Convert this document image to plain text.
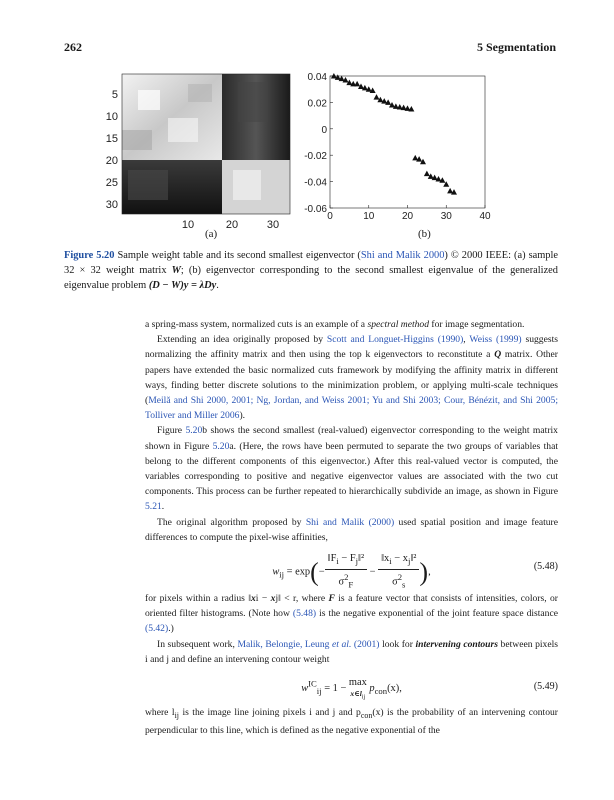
262	5 Segmentation
5
10
15
20
25
30
10	20	30
0.04
0.02
0
-0.02
-0.04
-0.06
0	10	20	30	40
(a)	(b)
Figure 5.20 Sample weight table and its second smallest eigenvector (Shi and Malik 2000) © 2000 IEEE: (a) sample 32 × 32 weight matrix W; (b) eigenvector corresponding to the second smallest eigenvalue of the generalized eigenvalue problem (D − W)y = λDy.

a spring-mass system, normalized cuts is an example of a spectral method for image segmentation.

Extending an idea originally proposed by Scott and Longuet-Higgins (1990), Weiss (1999) suggests normalizing the affinity matrix and then using the top k eigenvectors to reconstitute a Q matrix. Other papers have extended the basic normalized cuts framework by modifying the affinity matrix in different ways, finding better discrete solutions to the minimization problem, or applying multi-scale techniques (Meilă and Shi 2000, 2001; Ng, Jordan, and Weiss 2001; Yu and Shi 2003; Cour, Bénézit, and Shi 2005; Tolliver and Miller 2006).

Figure 5.20b shows the second smallest (real-valued) eigenvector corresponding to the weight matrix shown in Figure 5.20a. (Here, the rows have been permuted to separate the two groups of variables that belong to the different components of this eigenvector.) After this real-valued vector is computed, the variables corresponding to positive and negative eigenvector values are associated with the two cut components. This process can be further repeated to hierarchically subdivide an image, as shown in Figure 5.21.

The original algorithm proposed by Shi and Malik (2000) used spatial position and image feature differences to compute the pixel-wise affinities,

$w_{ij} = \exp(- \frac{‖F_i - F_j‖^2}{\sigma^2_F} - \frac{‖x_i - x_j‖^2}{\sigma^2_s}$ ),	(5.48)

for pixels within a radius ‖xi − xj‖ < r, where F is a feature vector that consists of intensities, colors, or oriented filter histograms. (Note how (5.48) is the negative exponential of the joint feature space distance (5.42).)

In subsequent work, Malik, Belongie, Leung et al. (2001) look for intervening contours between pixels i and j and define an intervening contour weight

$w^{IC}_{ij} = 1 - \max$
$x\in l_{ij}$
$p_{con}(x)$,	(5.49)

where $l_{ij}$ is the image line joining pixels i and j and $p_{con}(x)$ is the probability of an intervening contour perpendicular to this line, which is defined as the negative exponential of the
